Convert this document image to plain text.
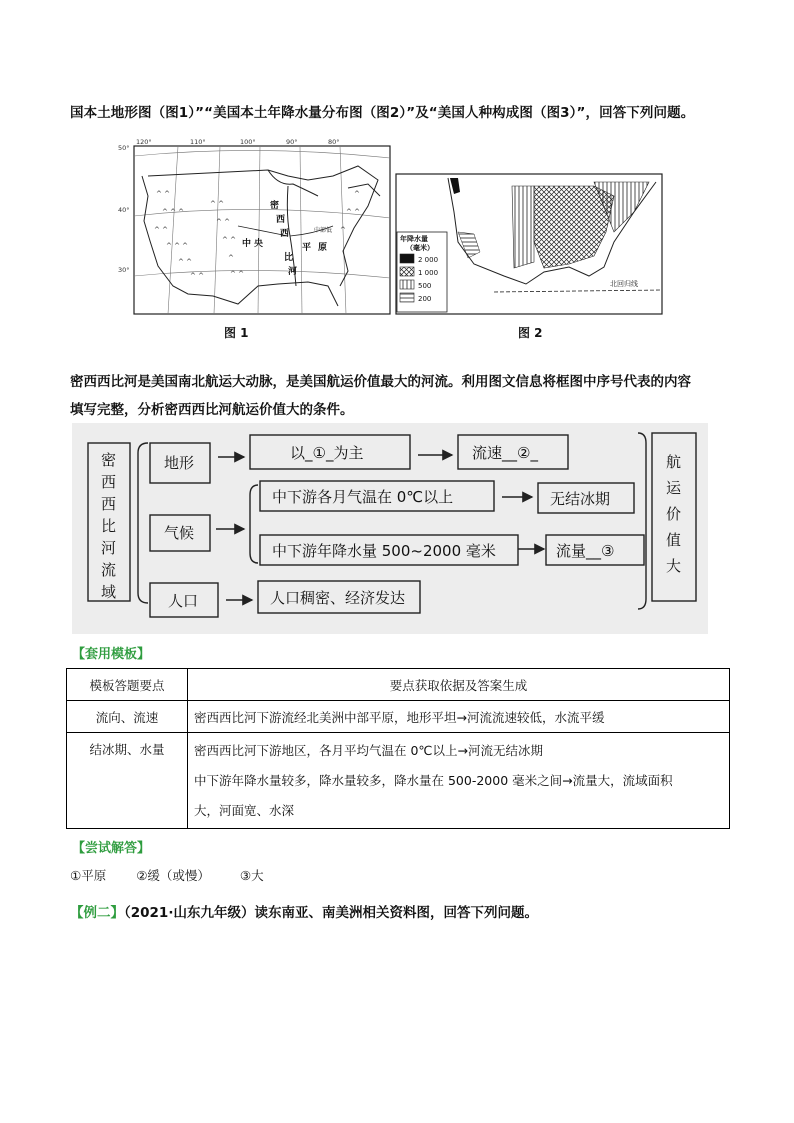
国本土地形图（图1）”“美国本土年降水量分布图（图2）”及“美国人种构成图（图3）”，回答下列问题。
^ ^
^ ^ ^
^ ^
^ ^ ^
^ ^
^ ^
^ ^
^ ^
^ ^
^
^ ^
^
^ ^
^
120°	110°	100°	90°	80°
50°
40°
30°
密
西
西
比
河
中 央	平 原
中部低
图 1
北回归线
年降水量
（毫米）
2 000
1 000
500
200
图 2
密西西比河是美国南北航运大动脉，是美国航运价值最大的河流。利用图文信息将框图中序号代表的内容
填写完整，分析密西西比河航运价值大的条件。
密
西
西
比
河
流
域
地形
以_①_为主	流速__②_
气候
中下游各月气温在 0℃以上	无结冰期
中下游年降水量 500~2000 毫米	流量__③
人口	人口稠密、经济发达
航
运
价
值
大
【套用模板】
模板答题要点	要点获取依据及答案生成
流向、流速	密西西比河下游流经北美洲中部平原，地形平坦→河流流速较低，水流平缓
结冰期、水量	密西西比河下游地区，各月平均气温在 0℃以上→河流无结冰期
中下游年降水量较多，降水量较多，降水量在 500-2000 毫米之间→流量大，流域面积
大，河面宽、水深
【尝试解答】
①平原 ②缓（或慢） ③大
【例二】（2021·山东九年级）读东南亚、南美洲相关资料图，回答下列问题。
